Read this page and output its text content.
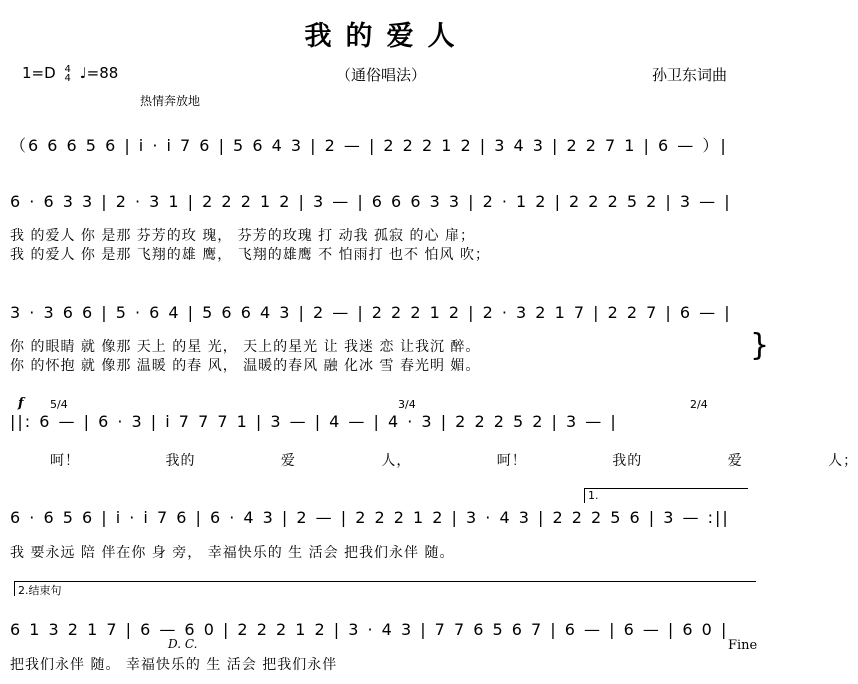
我的爱人
1=D 4
4 ♩=88	（通俗唱法）	孙卫东词曲
热情奔放地
（6 6 6 5 6 | i · i 7 6 | 5 6 4 3 | 2 — | 2 2 2 1 2 | 3 4 3 | 2 2 7 1 | 6 — ）|
6 · 6 3 3 | 2 · 3 1 | 2 2 2 1 2 | 3 — | 6 6 6 3 3 | 2 · 1 2 | 2 2 2 5 2 | 3 — |
我 的爱人 你 是那 芬芳的玫 瑰， 芬芳的玫瑰 打 动我 孤寂 的心 扉；
我 的爱人 你 是那 飞翔的雄 鹰， 飞翔的雄鹰 不 怕雨打 也不 怕风 吹；
3 · 3 6 6 | 5 · 6 4 | 5 6 6 4 3 | 2 — | 2 2 2 1 2 | 2 · 3 2 1 7 | 2 2 7 | 6 — |
你 的眼睛 就 像那 天上 的星 光， 天上的星光 让 我迷 恋 让我沉 醉。
你 的怀抱 就 像那 温暖 的春 风， 温暖的春风 融 化冰 雪 春光明 媚。
}
f 5/4	3/4	2/4
||: 6 — | 6 · 3 | i 7 7 7 1 | 3 — | 4 — | 4 · 3 | 2 2 2 5 2 | 3 — |
呵！ 我的 爱 人， 呵！ 我的 爱 人；
1.
6 · 6 5 6 | i · i 7 6 | 6 · 4 3 | 2 — | 2 2 2 1 2 | 3 · 4 3 | 2 2 2 5 6 | 3 — :||
我 要永远 陪 伴在你 身 旁， 幸福快乐的 生 活会 把我们永伴 随。
2.结束句
6 1 3 2 1 7 | 6 — 6 0 | 2 2 2 1 2 | 3 · 4 3 | 7 7 6 5 6 7 | 6 — | 6 — | 6 0 |
把我们永伴 随。 幸福快乐的 生 活会 把我们永伴
D. C.	Fine
